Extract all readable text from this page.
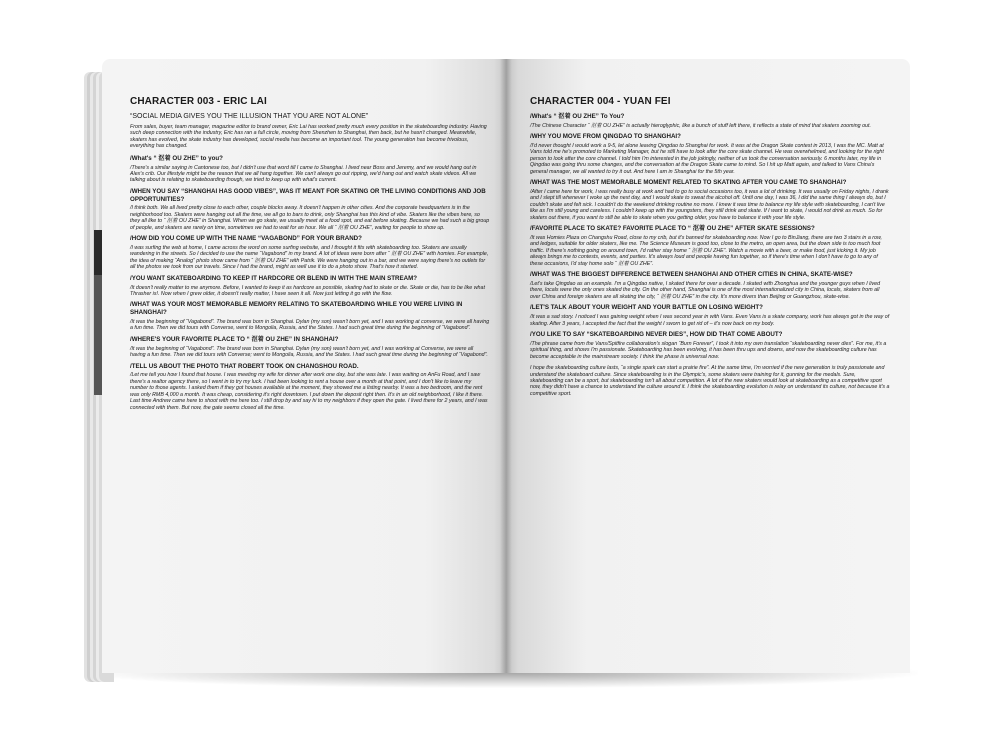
CHARACTER 003 - ERIC LAI
“SOCIAL MEDIA GIVES YOU THE ILLUSION THAT YOU ARE NOT ALONE”
From sales, buyer, team manager, magazine editor to brand owner, Eric Lai has worked pretty much every position in the skateboarding industry. Having such deep connection with the industry, Eric has ran a full circle, moving from Shenzhen to Shanghai, then back, but he hasn't changed. Meanwhile, skaters has evolved, the skate industry has developed, social media has become an important tool. The young generation has become frivolous, everything has changed.
/What's “ 沤着 OU ZHE” to you?
/There's a similar saying in Cantonese too, but I didn't use that word till I came to Shanghai. I lived near Boss and Jeremy, and we would hang out in Alex's crib. Our lifestyle might be the reason that we all hang together. We can't always go out ripping, we'd hang out and watch skate videos. All we talking about is relating to skateboarding though, we tried to keep up with what's current.
/WHEN YOU SAY “SHANGHAI HAS GOOD VIBES”, WAS IT MEANT FOR SKATING OR THE LIVING CONDITIONS AND JOB OPPORTUNITIES?
/I think both. We all lived pretty close to each other, couple blocks away. It doesn't happen in other cities. And the corporate headquarters is in the neighborhood too. Skaters were hanging out all the time, we all go to bars to drink, only Shanghai has this kind of vibe. Skaters like the vibes here, so they all like to “ 沤着 OU ZHE” in Shanghai. When we go skate, we usually meet at a food spot, and eat before skating. Because we had such a big group of people, and skaters are rarely on time, sometimes we had to wait for an hour. We all “ 沤着 OU ZHE”, waiting for people to show up.
/HOW DID YOU COME UP WITH THE NAME “VAGABOND” FOR YOUR BRAND?
/I was surfing the web at home, I came across the word on some surfing website, and I thought it fits with skateboarding too. Skaters are usually wandering in the streets. So I decided to use the name “Vagabond” in my brand. A lot of ideas were born after “ 沤着 OU ZHE” with homies. For example, the idea of making “Analog” photo show came from “ 沤着 OU ZHE” with Patrik. We were hanging out in a bar, and we were saying there's no outlets for all the photos we took from our travels. Since I had the brand, might as well use it to do a photo show. That's how it started.
/YOU WANT SKATEBOARDING TO KEEP IT HARDCORE OR BLEND IN WITH THE MAIN STREAM?
/It doesn't really matter to me anymore. Before, I wanted to keep it as hardcore as possible, skating had to skate or die. Skate or die, has to be like what Thrasher is!. Now when I grew older, it doesn't really matter, I have seen it all. Now just letting it go with the flow.
/WHAT WAS YOUR MOST MEMORABLE MEMORY RELATING TO SKATEBOARDING WHILE YOU WERE LIVING IN SHANGHAI?
/It was the beginning of “Vagabond”. The brand was born in Shanghai. Dylan (my son) wasn't born yet, and I was working at converse, we were all having a fun time. Then we did tours with Converse, went to Mongolia, Russia, and the States. I had such great time during the beginning of “Vagabond”.
/WHERE'S YOUR FAVORITE PLACE TO “ 沤着 OU ZHE” IN SHANGHAI?
/It was the beginning of “Vagabond”. The brand was born in Shanghai. Dylan (my son) wasn't born yet, and I was working at Converse, we were all having a fun time. Then we did tours with Converse; went to Mongolia, Russia, and the States. I had such great time during the beginning of “Vagabond”.
/TELL US ABOUT THE PHOTO THAT ROBERT TOOK ON CHANGSHOU ROAD.
/Let me tell you how I found that house. I was meeting my wife for dinner after work one day, but she was late. I was waiting on AnFu Road, and I saw there's a realtor agency there, so I went in to try my luck. I had been looking to rent a house over a month at that point, and I don't like to leave my number to those agents. I asked them if they got houses available at the moment, they showed me a listing nearby. It was a two bedroom, and the rent was only RMB 4,000 a month. It was cheap, considering it's right downtown. I put down the deposit right then. It's in an old neighborhood, I like it there. Last time Andrew came here to shoot with me here too. I still drop by and say hi to my neighbors if they open the gate. I lived there for 2 years, and I was connected with them. But now, the gate seems closed all the time.
CHARACTER 004 - YUAN FEI
/What's “ 沤着 OU ZHE” To You?
/The Chinese Character “ 沤着 OU ZHE” is actually hieroglyphic, like a bunch of stuff left there, it reflects a state of mind that skaters zooming out.
/WHY YOU MOVE FROM QINGDAO TO SHANGHAI?
/I'd never thought I would work a 9-5, let alone leaving Qingdao to Shanghai for work. It was at the Dragon Skate contest in 2013, I was the MC. Matt at Vans told me he's promoted to Marketing Manager, but he still have to look after the core skate channel. He was overwhelmed, and looking for the right person to look after the core channel. I told him I'm interested in the job jokingly, neither of us took the conversation seriously. 6 months later, my life in Qingdao was going thru some changes, and the conversation at the Dragon Skate came to mind. So I hit up Matt again, and talked to Vans China's general manager, we all wanted to try it out. And here I am in Shanghai for the 5th year.
/WHAT WAS THE MOST MEMORABLE MOMENT RELATED TO SKATING AFTER YOU CAME TO SHANGHAI?
/After I came here for work, I was really busy at work and had to go to social occasions too, it was a lot of drinking. It was usually on Friday nights, I drank and I slept till whenever I woke up the next day, and I would skate to sweat the alcohol off. Until one day, I was 36, I did the same thing I always do, but I couldn't skate and felt sick. I couldn't do the weekend drinking routine no more. I knew it was time to balance my life style with skateboarding, I can't live like as I'm still young and careless. I couldn't keep up with the youngsters, they still drink and skate. If I want to skate, I would not drink as much. So for skaters out there, if you want to still be able to skate when you getting older, you have to balance it with your life style.
/FAVORITE PLACE TO SKATE? FAVORITE PLACE TO “ 沤着 OU ZHE” AFTER SKATE SESSIONS?
/It was Homies Plaza on Changshu Road, close to my crib, but it's banned for skateboarding now. Now I go to BinJiang, there are two 3 stairs in a row, and ledges, suitable for older skaters, like me. The Science Museum is good too, close to the metro, an open area, but the down side is too much foot traffic. If there's nothing going on around town, I'd rather stay home “ 沤着 OU ZHE”. Watch a movie with a beer, or make food, just kicking it. My job always brings me to contests, events, and parties. It's always loud and people having fun together, so if there's time when I don't have to go to any of these occasions, I'd stay home solo “ 沤着 OU ZHE”.
/WHAT WAS THE BIGGEST DIFFERENCE BETWEEN SHANGHAI AND OTHER CITIES IN CHINA, SKATE-WISE?
/Let's take Qingdao as an example. I'm a Qingdao native, I skated there for over a decade. I skated with Zhonghua and the younger guys when I lived there, locals were the only ones skated the city. On the other hand, Shanghai is one of the most internationalized city in China, locals, skaters from all over China and foreign skaters are all skating the city, “ 沤着 OU ZHE” in the city. It's more divers than Beijing or Guangzhou, skate-wise.
/LET'S TALK ABOUT YOUR WEIGHT AND YOUR BATTLE ON LOSING WEIGHT?
/It was a sad story. I noticed I was gaining weight when I was second year in with Vans. Even Vans is a skate company, work has always got in the way of skating. After 3 years, I accepted the fact that the weight I sworn to get rid of – it's now back on my body.
/YOU LIKE TO SAY “SKATEBOARDING NEVER DIES”, HOW DID THAT COME ABOUT?
/The phrase came from the Vans/Spitfire collaboration's slogan “Burn Forever”, I took it into my own translation “skateboarding never dies”. For me, it's a spiritual thing, and shows I'm passionate. Skateboarding has been evolving, it has been thru ups and downs, and now the skateboarding culture has become acceptable in the mainstream society. I think the phase is universal now.
I hope the skateboarding culture lasts, “a single spark can start a prairie fire”. At the same time, I'm worried if the new generation is truly passionate and understand the skateboard culture. Since skateboarding is in the Olympic's, some skaters were training for it, gunning for the medals. Sure, skateboarding can be a sport, but skateboarding isn't all about competition. A lot of the new skaters would look at skateboarding as a competitive sport now, they didn't have a chance to understand the culture around it. I think the skateboarding evolution is relay on understand its culture, not because it's a competitive sport.
